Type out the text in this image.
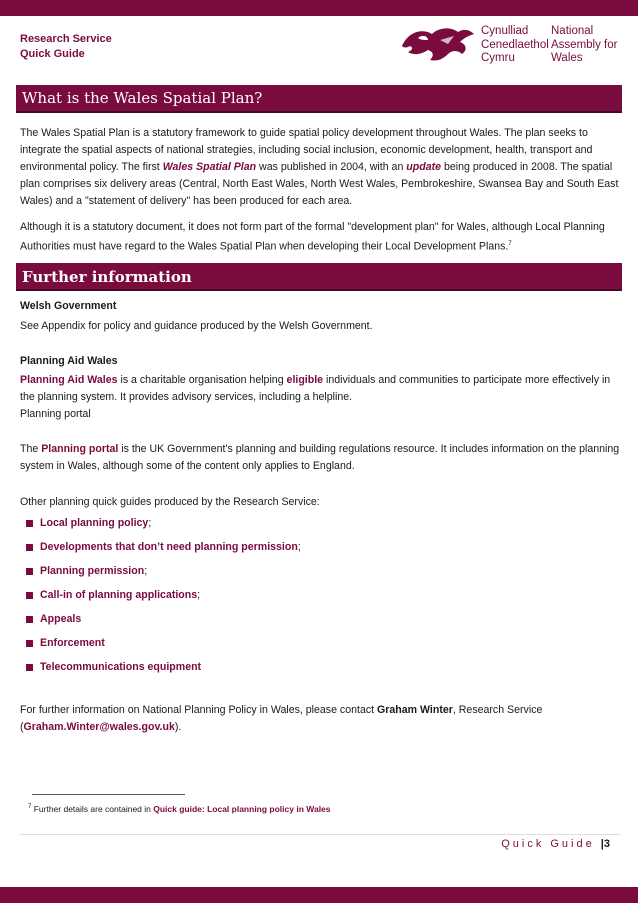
Research Service
Quick Guide
Cynulliad
Cenedlaethol
Cymru
National
Assembly for
Wales
What is the Wales Spatial Plan?
The Wales Spatial Plan is a statutory framework to guide spatial policy development throughout Wales. The plan seeks to integrate the spatial aspects of national strategies, including social inclusion, economic development, health, transport and environmental policy. The first Wales Spatial Plan was published in 2004, with an update being produced in 2008. The spatial plan comprises six delivery areas (Central, North East Wales, North West Wales, Pembrokeshire, Swansea Bay and South East Wales) and a "statement of delivery" has been produced for each area.
Although it is a statutory document, it does not form part of the formal "development plan" for Wales, although Local Planning Authorities must have regard to the Wales Spatial Plan when developing their Local Development Plans.$^7$
Further information
Welsh Government
See Appendix for policy and guidance produced by the Welsh Government.
Planning Aid Wales
Planning Aid Wales is a charitable organisation helping eligible individuals and communities to participate more effectively in the planning system. It provides advisory services, including a helpline.
Planning portal
The Planning portal is the UK Government's planning and building regulations resource. It includes information on the planning system in Wales, although some of the content only applies to England.
Other planning quick guides produced by the Research Service:
Local planning policy;
Developments that don’t need planning permission;
Planning permission;
Call-in of planning applications;
Appeals
Enforcement
Telecommunications equipment
For further information on National Planning Policy in Wales, please contact Graham Winter, Research Service (Graham.Winter@wales.gov.uk).
$^7$ Further details are contained in Quick guide: Local planning policy in Wales
Quick Guide |3
